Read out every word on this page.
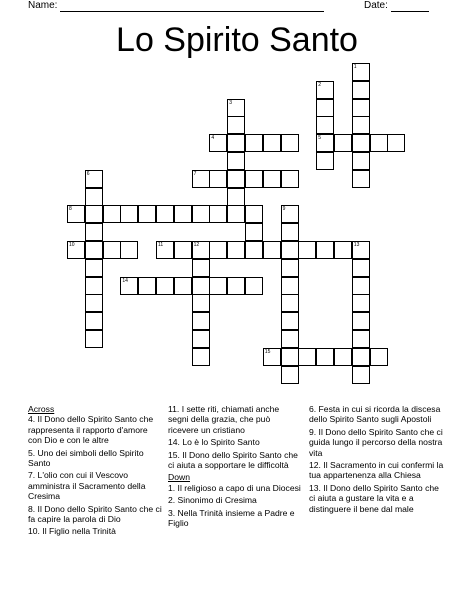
Name:	Date:
Lo Spirito Santo
1
2
5
3
4
6	7
8	9
10	11	12	13
14
15

Across

4. Il Dono dello Spirito Santo che rappresenta il rapporto d'amore con Dio e con le altre

5. Uno dei simboli dello Spirito Santo

7. L'olio con cui il Vescovo amministra il Sacramento della Cresima

8. Il Dono dello Spirito Santo che ci fa capire la parola di Dio

10. Il Figlio nella Trinità

11. I sette riti, chiamati anche segni della grazia, che può ricevere un cristiano

14. Lo è lo Spirito Santo

15. Il Dono dello Spirito Santo che ci aiuta a sopportare le difficoltà

Down

1. Il religioso a capo di una Diocesi

2. Sinonimo di Cresima

3. Nella Trinità insieme a Padre e Figlio

6. Festa in cui si ricorda la discesa dello Spirito Santo sugli Apostoli

9. Il Dono dello Spirito Santo che ci guida lungo il percorso della nostra vita

12. Il Sacramento in cui confermi la tua appartenenza alla Chiesa

13. Il Dono dello Spirito Santo che ci aiuta a gustare la vita e a distinguere il bene dal male
